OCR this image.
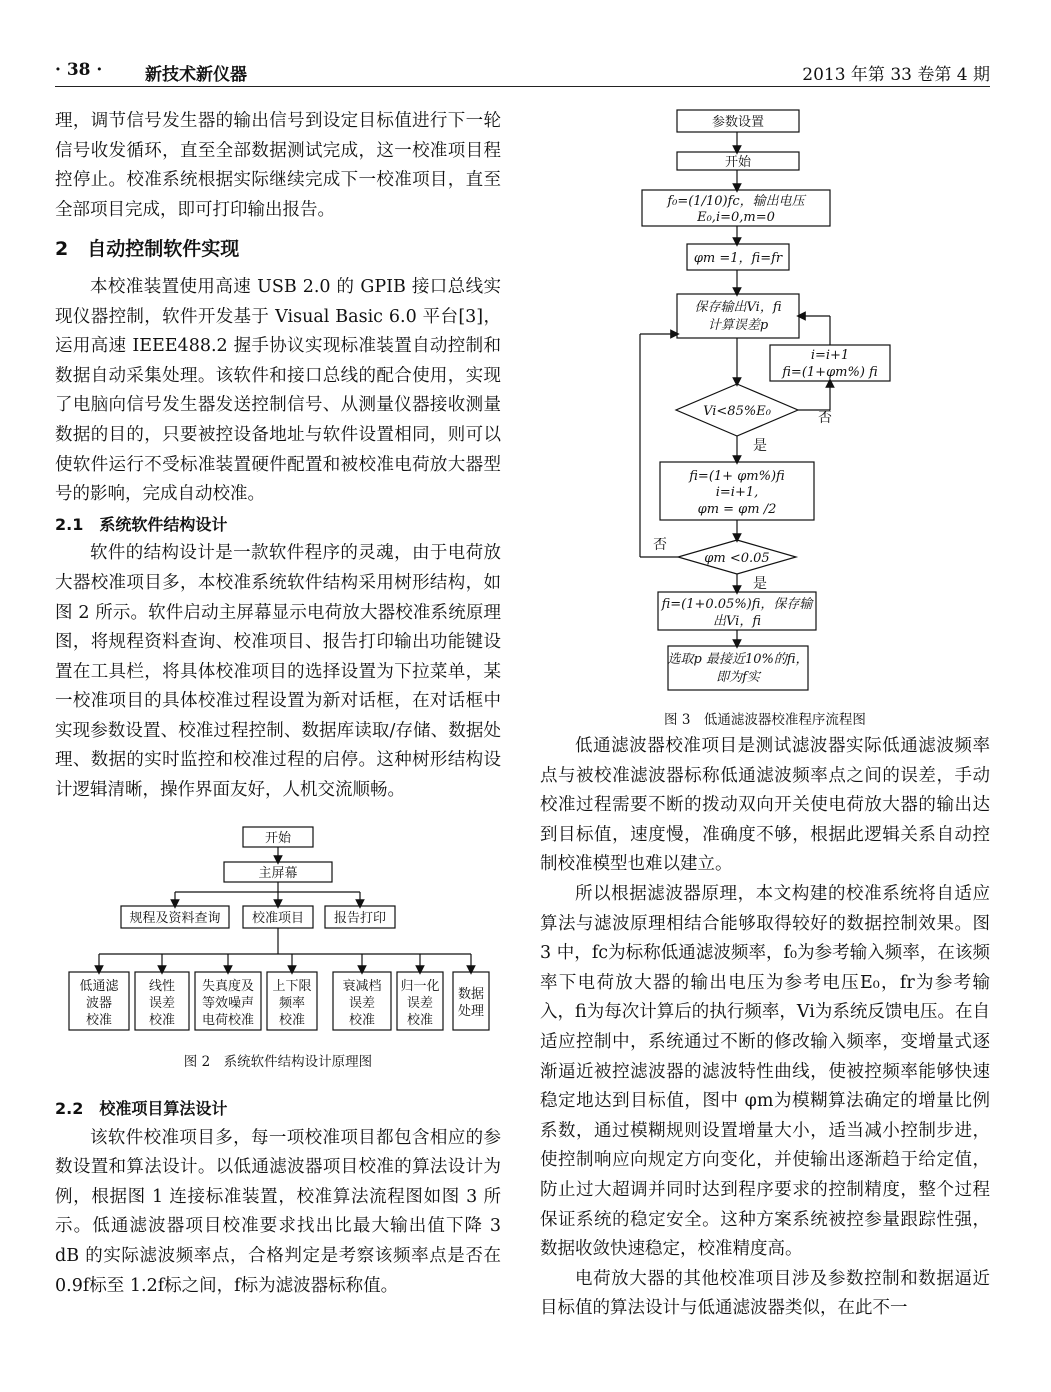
· 38 ·	新技术新仪器	2013 年第 33 卷第 4 期

理，调节信号发生器的输出信号到设定目标值进行下一轮信号收发循环，直至全部数据测试完成，这一校准项目程控停止。校准系统根据实际继续完成下一校准项目，直至全部项目完成，即可打印输出报告。

2　自动控制软件实现

本校准装置使用高速 USB 2.0 的 GPIB 接口总线实现仪器控制，软件开发基于 Visual Basic 6.0 平台[3]，运用高速 IEEE488.2 握手协议实现标准装置自动控制和数据自动采集处理。该软件和接口总线的配合使用，实现了电脑向信号发生器发送控制信号、从测量仪器接收测量数据的目的，只要被控设备地址与软件设置相同，则可以使软件运行不受标准装置硬件配置和被校准电荷放大器型号的影响，完成自动校准。

2.1　系统软件结构设计

软件的结构设计是一款软件程序的灵魂，由于电荷放大器校准项目多，本校准系统软件结构采用树形结构，如图 2 所示。软件启动主屏幕显示电荷放大器校准系统原理图，将规程资料查询、校准项目、报告打印输出功能键设置在工具栏，将具体校准项目的选择设置为下拉菜单，某一校准项目的具体校准过程设置为新对话框，在对话框中实现参数设置、校准过程控制、数据库读取/存储、数据处理、数据的实时监控和校准过程的启停。这种树形结构设计逻辑清晰，操作界面友好，人机交流顺畅。

开始
主屏幕
规程及资料查询 校准项目 报告打印
低通滤
波器
校准
线性
误差
校准
失真度及
等效噪声
电荷校准
上下限
频率
校准
衰减档
误差
校准
归一化
误差
校准
数据
处理
图 2　系统软件结构设计原理图

2.2　校准项目算法设计

该软件校准项目多，每一项校准项目都包含相应的参数设置和算法设计。以低通滤波器项目校准的算法设计为例，根据图 1 连接标准装置，校准算法流程图如图 3 所示。低通滤波器项目校准要求找出比最大输出值下降 3 dB 的实际滤波频率点，合格判定是考察该频率点是否在 0.9f标至 1.2f标之间，f标为滤波器标称值。

参数设置
开始
f₀=(1/10)fc，输出电压
E₀,i=0,m=0
φm =1，fi=fr
保存输出Vi，fi
计算误差p
i=i+1
fi=(1+φm%) fi
Vi<85%E₀	否
是
fi=(1+ φm%)fi
i=i+1,
φm = φm /2
φm <0.05
否
是
fi=(1+0.05%)fi，保存输
出Vi，fi
选取p 最接近10%的fi，
即为f实
图 3　低通滤波器校准程序流程图

低通滤波器校准项目是测试滤波器实际低通滤波频率点与被校准滤波器标称低通滤波频率点之间的误差，手动校准过程需要不断的拨动双向开关使电荷放大器的输出达到目标值，速度慢，准确度不够，根据此逻辑关系自动控制校准模型也难以建立。

所以根据滤波器原理，本文构建的校准系统将自适应算法与滤波原理相结合能够取得较好的数据控制效果。图 3 中，fc为标称低通滤波频率，f₀为参考输入频率，在该频率下电荷放大器的输出电压为参考电压E₀，fr为参考输入，fi为每次计算后的执行频率，Vi为系统反馈电压。在自适应控制中，系统通过不断的修改输入频率，变增量式逐渐逼近被控滤波器的滤波特性曲线，使被控频率能够快速稳定地达到目标值，图中 φm为模糊算法确定的增量比例系数，通过模糊规则设置增量大小，适当减小控制步进，使控制响应向规定方向变化，并使输出逐渐趋于给定值，防止过大超调并同时达到程序要求的控制精度，整个过程保证系统的稳定安全。这种方案系统被控参量跟踪性强，数据收敛快速稳定，校准精度高。

电荷放大器的其他校准项目涉及参数控制和数据逼近目标值的算法设计与低通滤波器类似，在此不一
